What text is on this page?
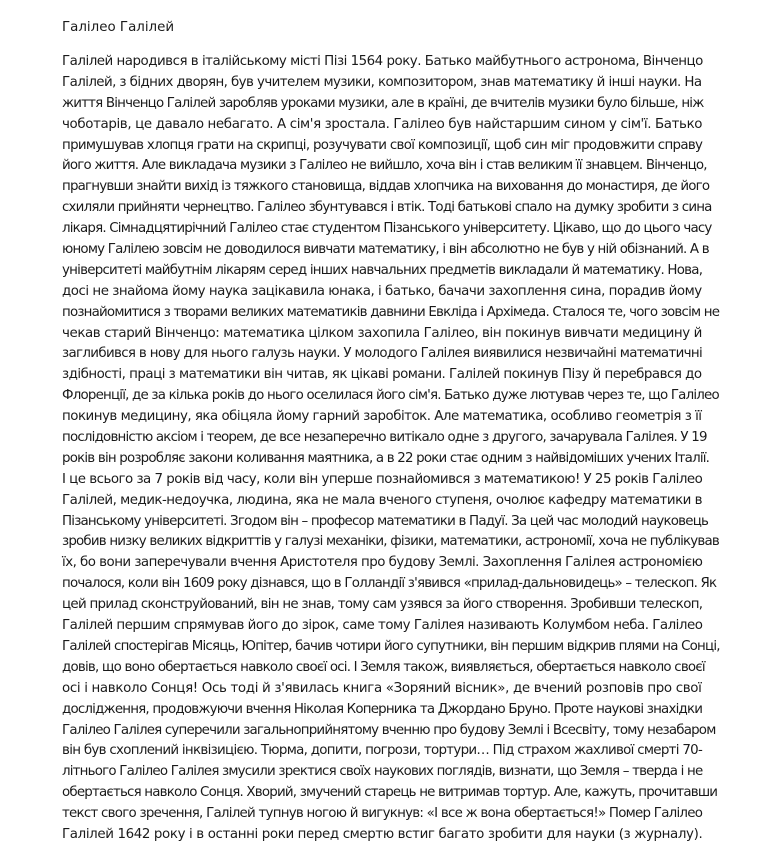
Галілео Галілей
Галілей народився в італійському місті Пізі 1564 року. Батько майбутнього астронома, Вінченцо
Галілей, з бідних дворян, був учителем музики, композитором, знав математику й інші науки. На
життя Вінченцо Галілей заробляв уроками музики, але в країні, де вчителів музики було більше, ніж
чоботарів, це давало небагато. А сім'я зростала. Галілео був найстаршим сином у сім'ї. Батько
примушував хлопця грати на скрипці, розучувати свої композиції, щоб син міг продовжити справу
його життя. Але викладача музики з Галілео не вийшло, хоча він і став великим її знавцем. Вінченцо,
прагнувши знайти вихід із тяжкого становища, віддав хлопчика на виховання до монастиря, де його
схиляли прийняти чернецтво. Галілео збунтувався і втік. Тоді батькові спало на думку зробити з сина
лікаря. Сімнадцятирічний Галілео стає студентом Пізанського університету. Цікаво, що до цього часу
юному Галілею зовсім не доводилося вивчати математику, і він абсолютно не був у ній обізнаний. А в
університеті майбутнім лікарям серед інших навчальних предметів викладали й математику. Нова,
досі не знайома йому наука зацікавила юнака, і батько, бачачи захоплення сина, порадив йому
познайомитися з творами великих математиків давнини Евкліда і Архімеда. Сталося те, чого зовсім не
чекав старий Вінченцо: математика цілком захопила Галілео, він покинув вивчати медицину й
заглибився в нову для нього галузь науки. У молодого Галілея виявилися незвичайні математичні
здібності, праці з математики він читав, як цікаві романи. Галілей покинув Пізу й перебрався до
Флоренції, де за кілька років до нього оселилася його сім'я. Батько дуже лютував через те, що Галілео
покинув медицину, яка обіцяла йому гарний заробіток. Але математика, особливо геометрія з її
послідовністю аксіом і теорем, де все незаперечно витікало одне з другого, зачарувала Галілея. У 19
років він розробляє закони коливання маятника, а в 22 роки стає одним з найвідоміших учених Італії.
І це всього за 7 років від часу, коли він уперше познайомився з математикою! У 25 років Галілео
Галілей, медик-недоучка, людина, яка не мала вченого ступеня, очолює кафедру математики в
Пізанському університеті. Згодом він – професор математики в Падуї. За цей час молодий науковець
зробив низку великих відкриттів у галузі механіки, фізики, математики, астрономії, хоча не публікував
їх, бо вони заперечували вчення Аристотеля про будову Землі. Захоплення Галілея астрономією
почалося, коли він 1609 року дізнався, що в Голландії з'явився «прилад-дальновидець» – телескоп. Як
цей прилад сконструйований, він не знав, тому сам узявся за його створення. Зробивши телескоп,
Галілей першим спрямував його до зірок, саме тому Галілея називають Колумбом неба. Галілео
Галілей спостерігав Місяць, Юпітер, бачив чотири його супутники, він першим відкрив плями на Сонці,
довів, що воно обертається навколо своєї осі. І Земля також, виявляється, обертається навколо своєї
осі і навколо Сонця! Ось тоді й з'явилась книга «Зоряний вісник», де вчений розповів про свої
дослідження, продовжуючи вчення Ніколая Коперника та Джордано Бруно. Проте наукові знахідки
Галілео Галілея суперечили загальноприйнятому вченню про будову Землі і Всесвіту, тому незабаром
він був схоплений інквізицією. Тюрма, допити, погрози, тортури… Під страхом жахливої смерті 70-
літнього Галілео Галілея змусили зректися своїх наукових поглядів, визнати, що Земля – тверда і не
обертається навколо Сонця. Хворий, змучений старець не витримав тортур. Але, кажуть, прочитавши
текст свого зречення, Галілей тупнув ногою й вигукнув: «І все ж вона обертається!» Помер Галілео
Галілей 1642 року і в останні роки перед смертю встиг багато зробити для науки (з журналу).
